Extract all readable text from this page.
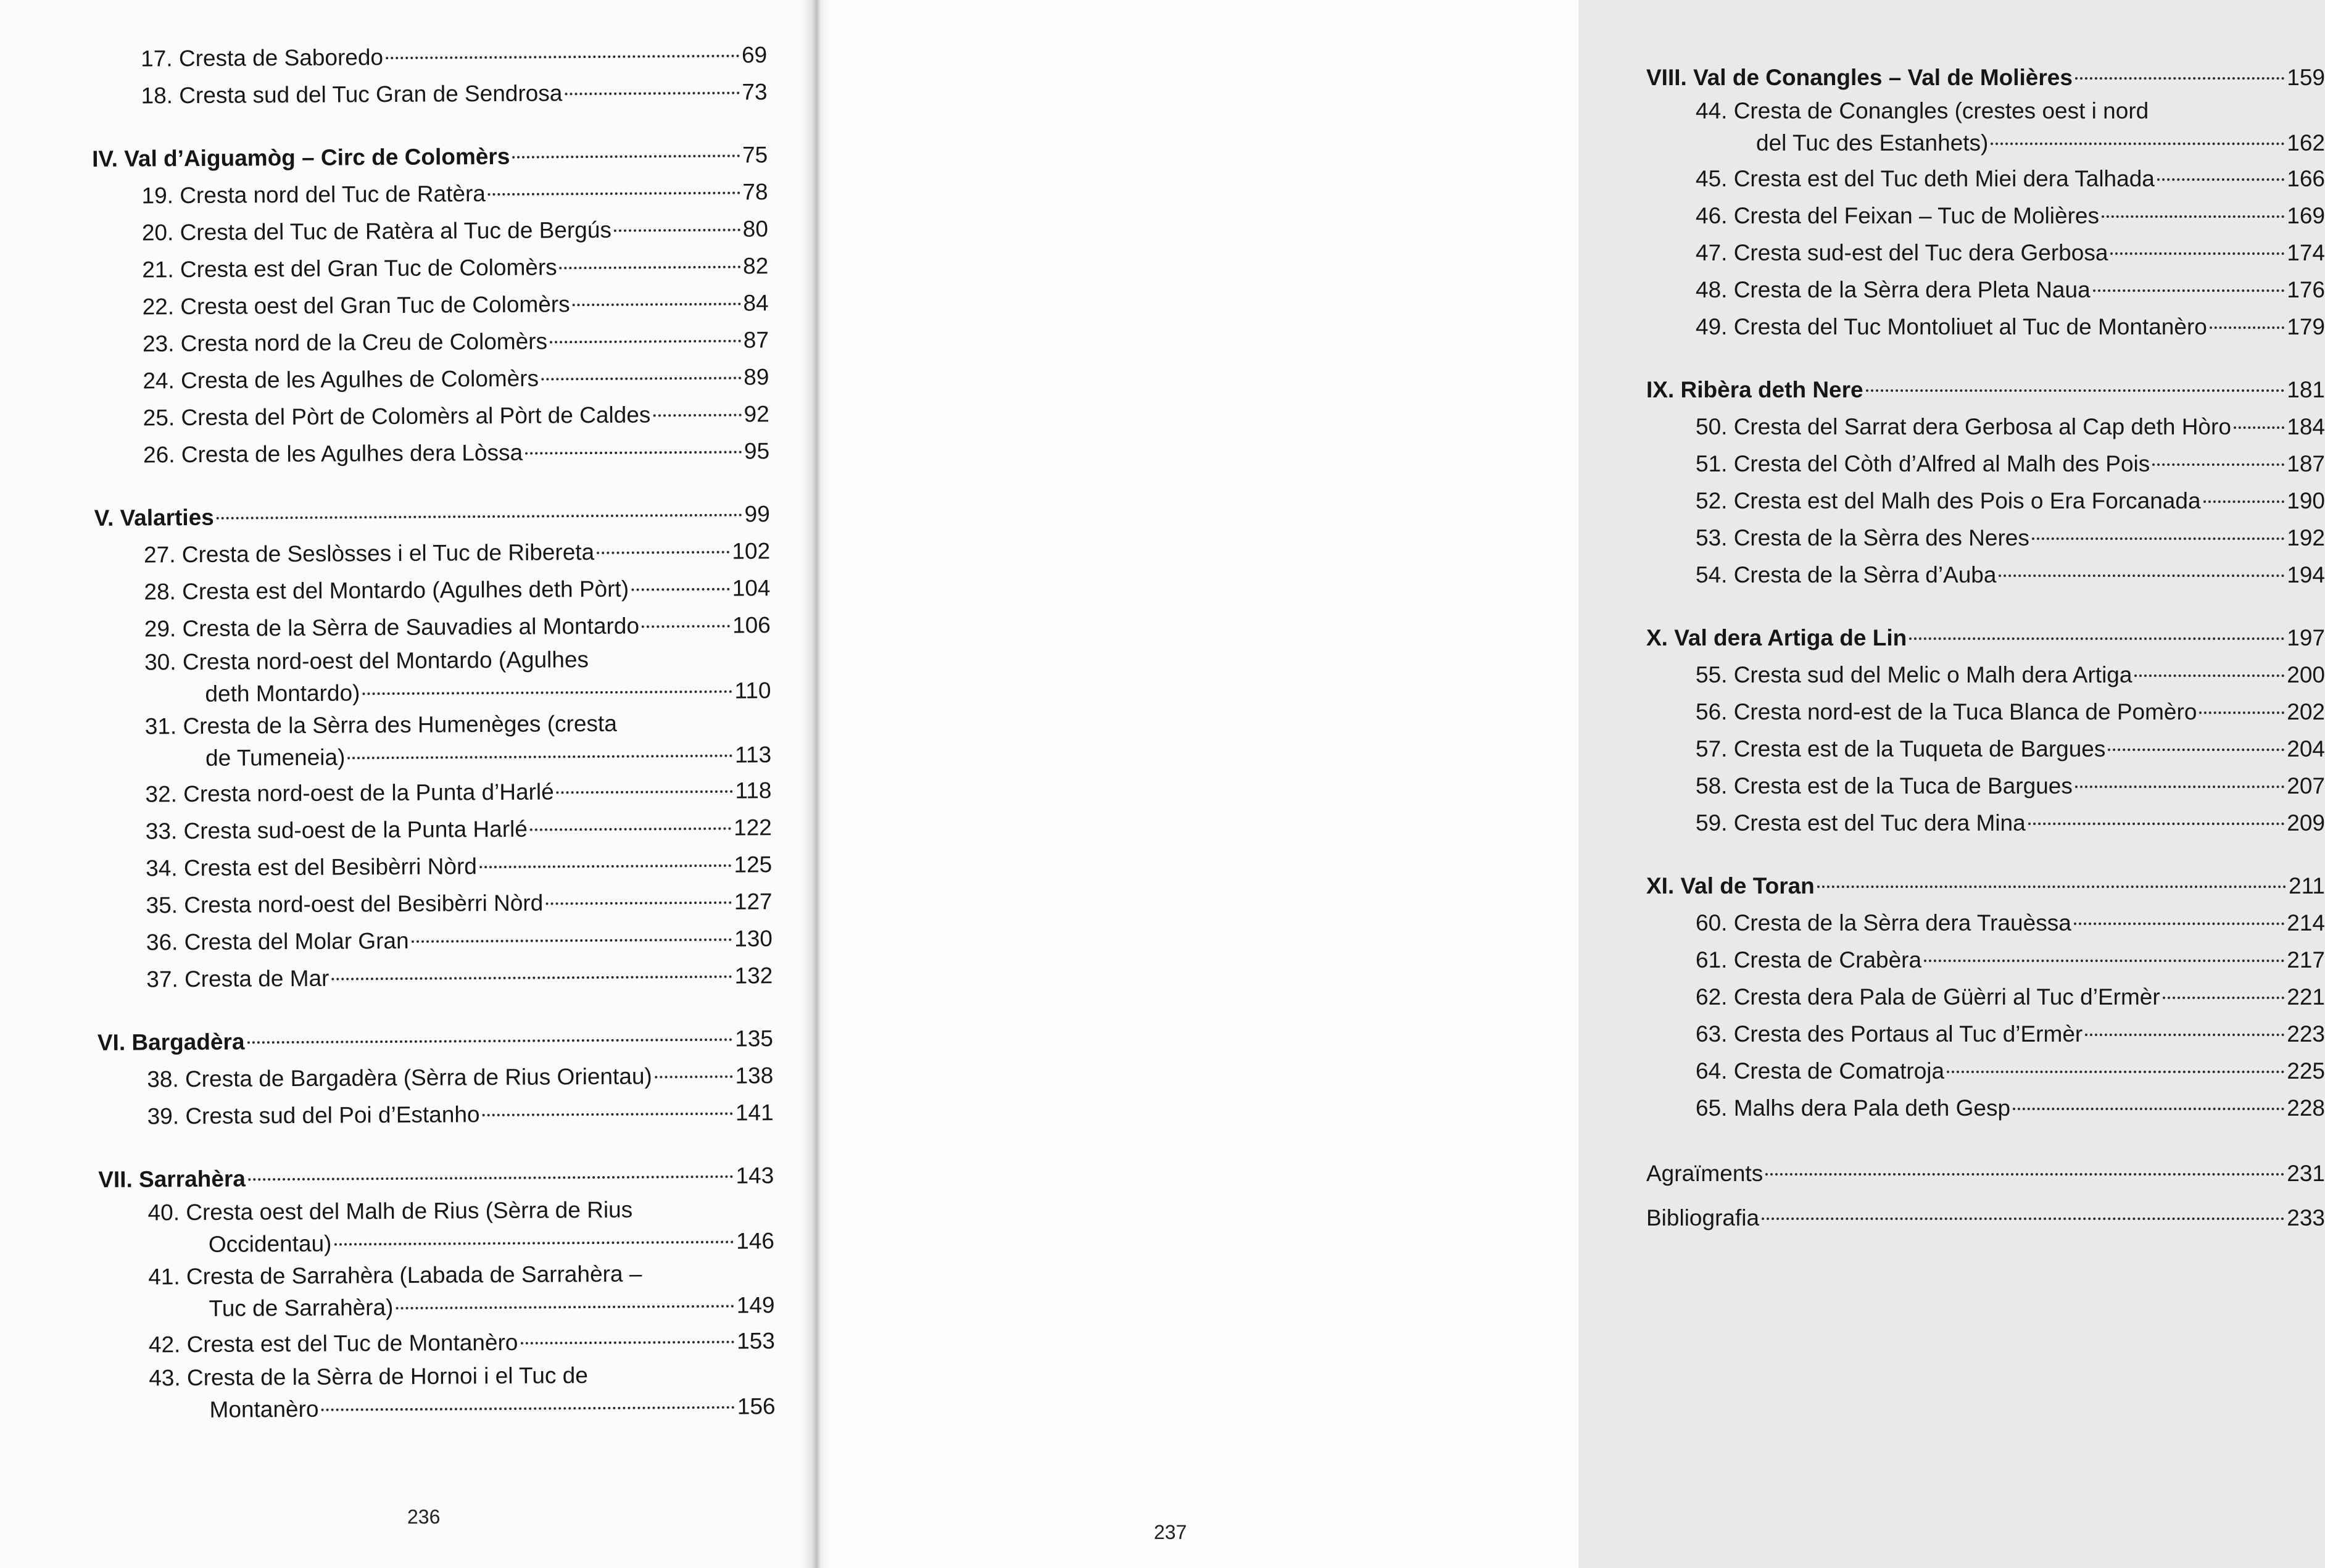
17. Cresta de Saboredo	69
18. Cresta sud del Tuc Gran de Sendrosa	73
IV. Val d’Aiguamòg – Circ de Colomèrs	75
19. Cresta nord del Tuc de Ratèra	78
20. Cresta del Tuc de Ratèra al Tuc de Bergús	80
21. Cresta est del Gran Tuc de Colomèrs	82
22. Cresta oest del Gran Tuc de Colomèrs	84
23. Cresta nord de la Creu de Colomèrs	87
24. Cresta de les Agulhes de Colomèrs	89
25. Cresta del Pòrt de Colomèrs al Pòrt de Caldes	92
26. Cresta de les Agulhes dera Lòssa	95
V. Valarties	99
27. Cresta de Seslòsses i el Tuc de Ribereta	102
28. Cresta est del Montardo (Agulhes deth Pòrt)	104
29. Cresta de la Sèrra de Sauvadies al Montardo	106
30. Cresta nord-oest del Montardo (Agulhes
deth Montardo)	110
31. Cresta de la Sèrra des Humenèges (cresta
de Tumeneia)	113
32. Cresta nord-oest de la Punta d’Harlé	118
33. Cresta sud-oest de la Punta Harlé	122
34. Cresta est del Besibèrri Nòrd	125
35. Cresta nord-oest del Besibèrri Nòrd	127
36. Cresta del Molar Gran	130
37. Cresta de Mar	132
VI. Bargadèra	135
38. Cresta de Bargadèra (Sèrra de Rius Orientau)	138
39. Cresta sud del Poi d’Estanho	141
VII. Sarrahèra	143
40. Cresta oest del Malh de Rius (Sèrra de Rius
Occidentau)	146
41. Cresta de Sarrahèra (Labada de Sarrahèra –
Tuc de Sarrahèra)	149
42. Cresta est del Tuc de Montanèro	153
43. Cresta de la Sèrra de Hornoi i el Tuc de
Montanèro	156
236
VIII. Val de Conangles – Val de Molières	159
44. Cresta de Conangles (crestes oest i nord
del Tuc des Estanhets)	162
45. Cresta est del Tuc deth Miei dera Talhada	166
46. Cresta del Feixan – Tuc de Molières	169
47. Cresta sud-est del Tuc dera Gerbosa	174
48. Cresta de la Sèrra dera Pleta Naua	176
49. Cresta del Tuc Montoliuet al Tuc de Montanèro	179
IX. Ribèra deth Nere	181
50. Cresta del Sarrat dera Gerbosa al Cap deth Hòro 184
51. Cresta del Còth d’Alfred al Malh des Pois	187
52. Cresta est del Malh des Pois o Era Forcanada	190
53. Cresta de la Sèrra des Neres	192
54. Cresta de la Sèrra d’Auba	194
X. Val dera Artiga de Lin	197
55. Cresta sud del Melic o Malh dera Artiga	200
56. Cresta nord-est de la Tuca Blanca de Pomèro	202
57. Cresta est de la Tuqueta de Bargues	204
58. Cresta est de la Tuca de Bargues	207
59. Cresta est del Tuc dera Mina	209
XI. Val de Toran	211
60. Cresta de la Sèrra dera Trauèssa	214
61. Cresta de Crabèra	217
62. Cresta dera Pala de Güèrri al Tuc d’Ermèr	221
63. Cresta des Portaus al Tuc d’Ermèr	223
64. Cresta de Comatroja	225
65. Malhs dera Pala deth Gesp	228
Agraïments	231
Bibliografia	233
237
